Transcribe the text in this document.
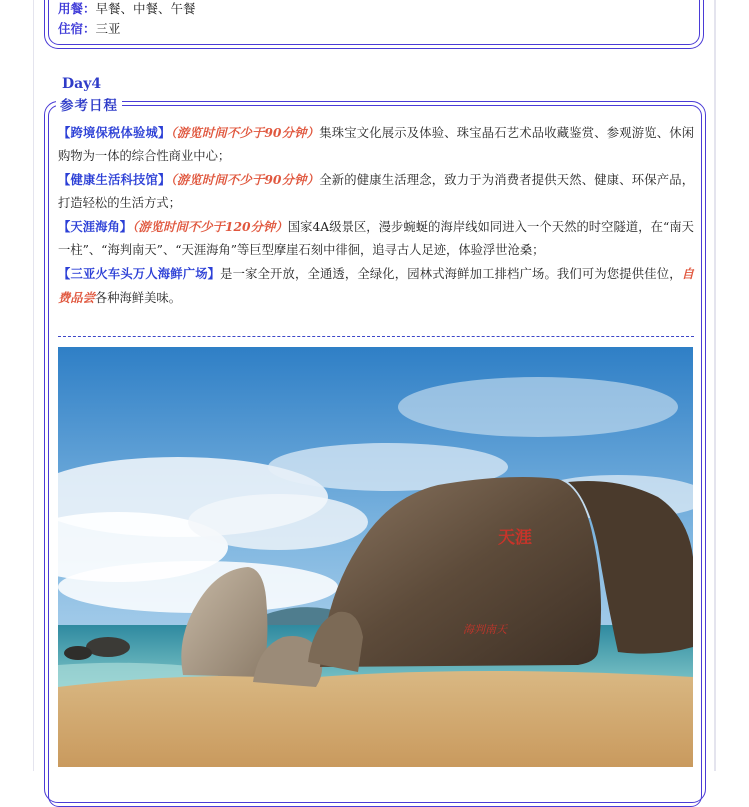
用餐：早餐、中餐、午餐
住宿：三亚
Day4
参考日程

【跨境保税体验城】（游览时间不少于90分钟）集珠宝文化展示及体验、珠宝晶石艺术品收藏鉴赏、参观游览、休闲购物为一体的综合性商业中心；

【健康生活科技馆】（游览时间不少于90分钟）全新的健康生活理念，致力于为消费者提供天然、健康、环保产品，打造轻松的生活方式；

【天涯海角】（游览时间不少于120分钟）国家4A级景区，漫步蜿蜒的海岸线如同进入一个天然的时空隧道，在“南天一柱”、“海判南天”、“天涯海角”等巨型摩崖石刻中徘徊，追寻古人足迹，体验浮世沧桑；

【三亚火车头万人海鲜广场】是一家全开放，全通透，全绿化，园林式海鲜加工排档广场。我们可为您提供佳位，自费品尝各种海鲜美味。

天涯
海判南天
